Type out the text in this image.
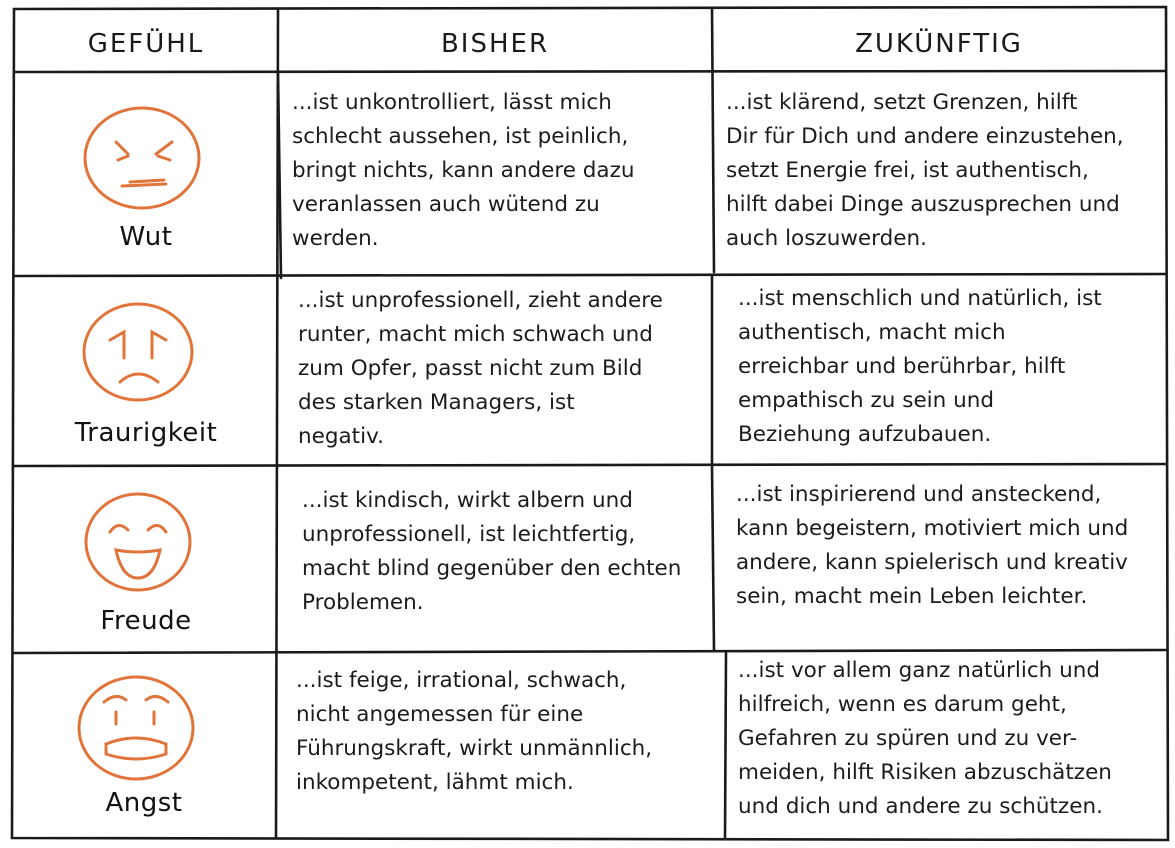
GEFÜHL	BISHER	ZUKÜNFTIG
Wut
...ist unkontrolliert, lässt mich
schlecht aussehen, ist peinlich,
bringt nichts, kann andere dazu
veranlassen auch wütend zu
werden.
...ist klärend, setzt Grenzen, hilft
Dir für Dich und andere einzustehen,
setzt Energie frei, ist authentisch,
hilft dabei Dinge auszusprechen und
auch loszuwerden.
Traurigkeit
...ist unprofessionell, zieht andere
runter, macht mich schwach und
zum Opfer, passt nicht zum Bild
des starken Managers, ist
negativ.
...ist menschlich und natürlich, ist
authentisch, macht mich
erreichbar und berührbar, hilft
empathisch zu sein und
Beziehung aufzubauen.
Freude
...ist kindisch, wirkt albern und
unprofessionell, ist leichtfertig,
macht blind gegenüber den echten
Problemen.
...ist inspirierend und ansteckend,
kann begeistern, motiviert mich und
andere, kann spielerisch und kreativ
sein, macht mein Leben leichter.
Angst
...ist feige, irrational, schwach,
nicht angemessen für eine
Führungskraft, wirkt unmännlich,
inkompetent, lähmt mich.
...ist vor allem ganz natürlich und
hilfreich, wenn es darum geht,
Gefahren zu spüren und zu ver-
meiden, hilft Risiken abzuschätzen
und dich und andere zu schützen.
